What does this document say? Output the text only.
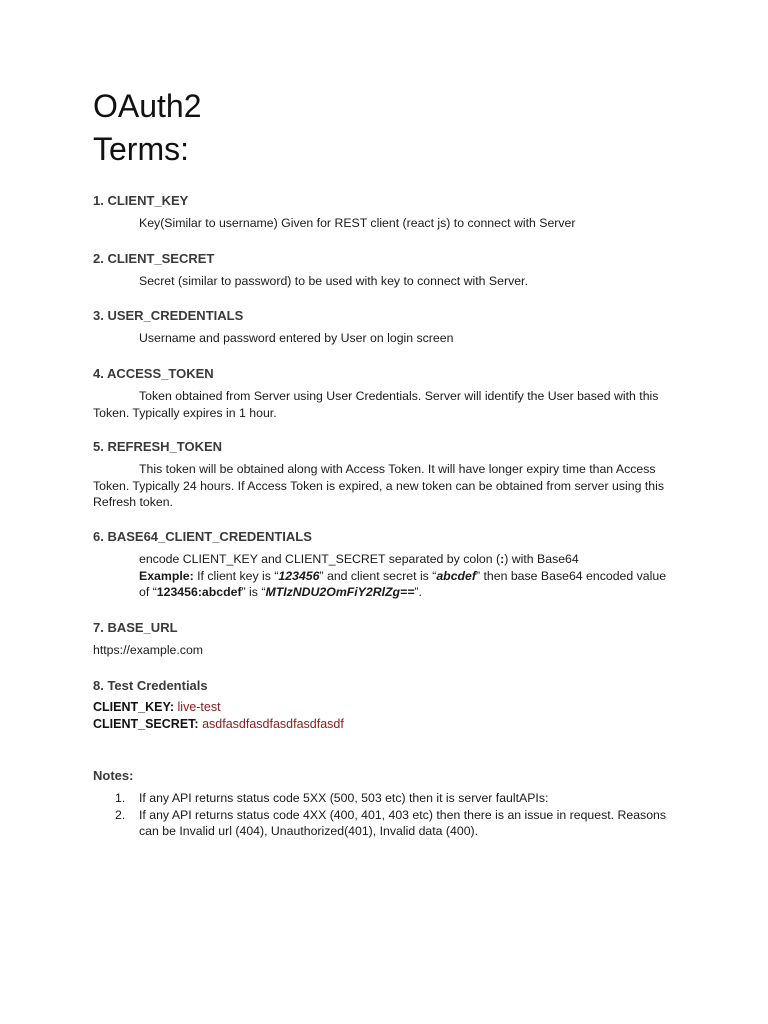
OAuth2
Terms:
1. CLIENT_KEY
Key(Similar to username) Given for REST client (react js) to connect with Server
2. CLIENT_SECRET
Secret (similar to password) to be used with key to connect with Server.
3. USER_CREDENTIALS
Username and password entered by User on login screen
4. ACCESS_TOKEN
Token obtained from Server using User Credentials. Server will identify the User based with this Token. Typically expires in 1 hour.
5. REFRESH_TOKEN
This token will be obtained along with Access Token. It will have longer expiry time than Access Token. Typically 24 hours. If Access Token is expired, a new token can be obtained from server using this Refresh token.
6. BASE64_CLIENT_CREDENTIALS
encode CLIENT_KEY and CLIENT_SECRET separated by colon (:) with Base64
Example: If client key is “123456” and client secret is “abcdef” then base Base64 encoded value of “123456:abcdef” is “MTIzNDU2OmFiY2RlZg==”.
7. BASE_URL
https://example.com
8. Test Credentials
CLIENT_KEY: live-test
CLIENT_SECRET: asdfasdfasdfasdfasdfasdf
Notes:
1. If any API returns status code 5XX (500, 503 etc) then it is server faultAPIs:
2. If any API returns status code 4XX (400, 401, 403 etc) then there is an issue in request. Reasons can be Invalid url (404), Unauthorized(401), Invalid data (400).
